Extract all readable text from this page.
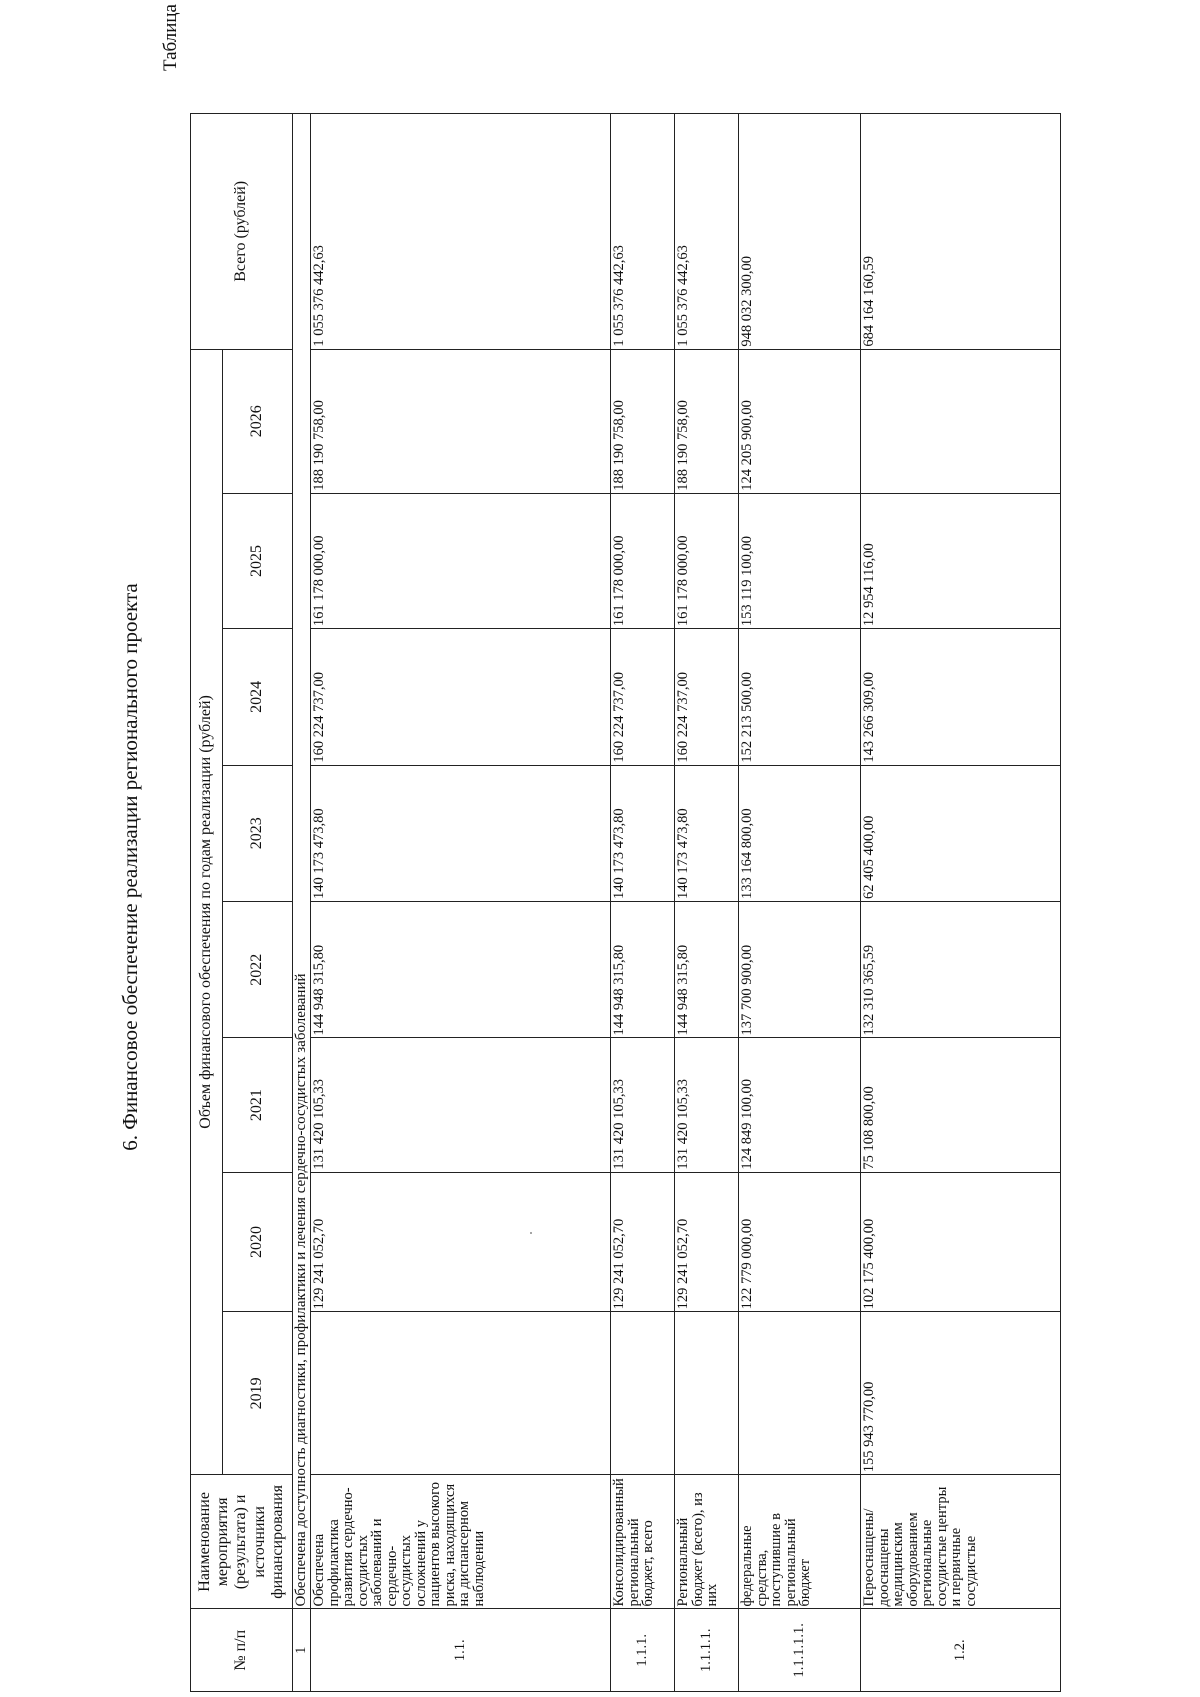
6. Финансовое обеспечение реализации регионального проекта
Таблица
№ п/п	Наименование мероприятия (результата) и источники финансирования	Объем финансового обеспечения по годам реализации (рублей)								Всего (рублей)
		2019	2020	2021	2022	2023	2024	2025	2026	
1	Обеспечена доступность диагностики, профилактики и лечения сердечно-сосудистых заболеваний									
1.1.	Обеспечена профилактика развития сердечно-сосудистых заболеваний и сердечно-сосудистых осложнений у пациентов высокого риска, находящихся на диспансерном наблюдении		129 241 052,70	131 420 105,33	144 948 315,80	140 173 473,80	160 224 737,00	161 178 000,00	188 190 758,00	1 055 376 442,63
1.1.1.	Консолидированный региональный бюджет, всего		129 241 052,70	131 420 105,33	144 948 315,80	140 173 473,80	160 224 737,00	161 178 000,00	188 190 758,00	1 055 376 442,63
1.1.1.1.	Региональный бюджет (всего), из них		129 241 052,70	131 420 105,33	144 948 315,80	140 173 473,80	160 224 737,00	161 178 000,00	188 190 758,00	1 055 376 442,63
1.1.1.1.1.	федеральные средства, поступившие в региональный бюджет		122 779 000,00	124 849 100,00	137 700 900,00	133 164 800,00	152 213 500,00	153 119 100,00	124 205 900,00	948 032 300,00
1.2.	Переоснащены/дооснащены медицинским оборудованием региональные сосудистые центры и первичные сосудистые	155 943 770,00	102 175 400,00	75 108 800,00	132 310 365,59	62 405 400,00	143 266 309,00	12 954 116,00		684 164 160,59
